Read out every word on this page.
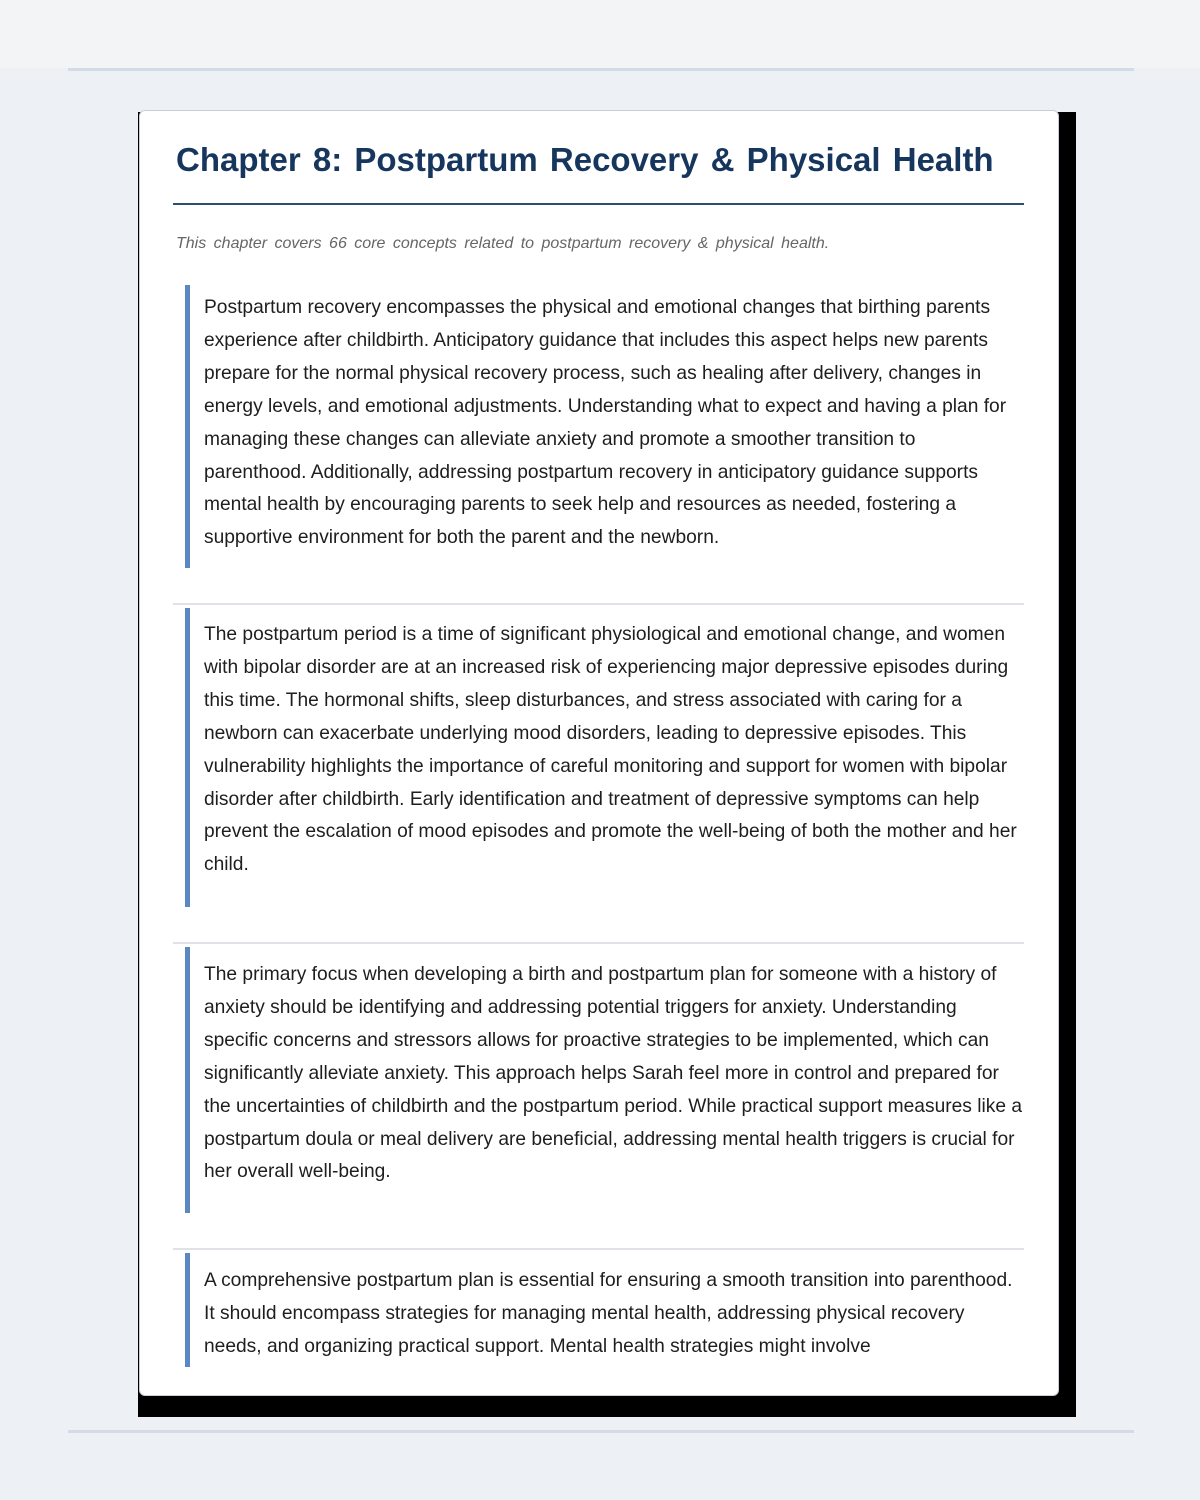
Chapter 8: Postpartum Recovery & Physical Health

This chapter covers 66 core concepts related to postpartum recovery & physical health.

Postpartum recovery encompasses the physical and emotional changes that birthing parents experience after childbirth. Anticipatory guidance that includes this aspect helps new parents prepare for the normal physical recovery process, such as healing after delivery, changes in energy levels, and emotional adjustments. Understanding what to expect and having a plan for managing these changes can alleviate anxiety and promote a smoother transition to parenthood. Additionally, addressing postpartum recovery in anticipatory guidance supports mental health by encouraging parents to seek help and resources as needed, fostering a supportive environment for both the parent and the newborn.

The postpartum period is a time of significant physiological and emotional change, and women with bipolar disorder are at an increased risk of experiencing major depressive episodes during this time. The hormonal shifts, sleep disturbances, and stress associated with caring for a newborn can exacerbate underlying mood disorders, leading to depressive episodes. This vulnerability highlights the importance of careful monitoring and support for women with bipolar disorder after childbirth. Early identification and treatment of depressive symptoms can help prevent the escalation of mood episodes and promote the well-being of both the mother and her child.

The primary focus when developing a birth and postpartum plan for someone with a history of anxiety should be identifying and addressing potential triggers for anxiety. Understanding specific concerns and stressors allows for proactive strategies to be implemented, which can significantly alleviate anxiety. This approach helps Sarah feel more in control and prepared for the uncertainties of childbirth and the postpartum period. While practical support measures like a postpartum doula or meal delivery are beneficial, addressing mental health triggers is crucial for her overall well-being.

A comprehensive postpartum plan is essential for ensuring a smooth transition into parenthood. It should encompass strategies for managing mental health, addressing physical recovery needs, and organizing practical support. Mental health strategies might involve
